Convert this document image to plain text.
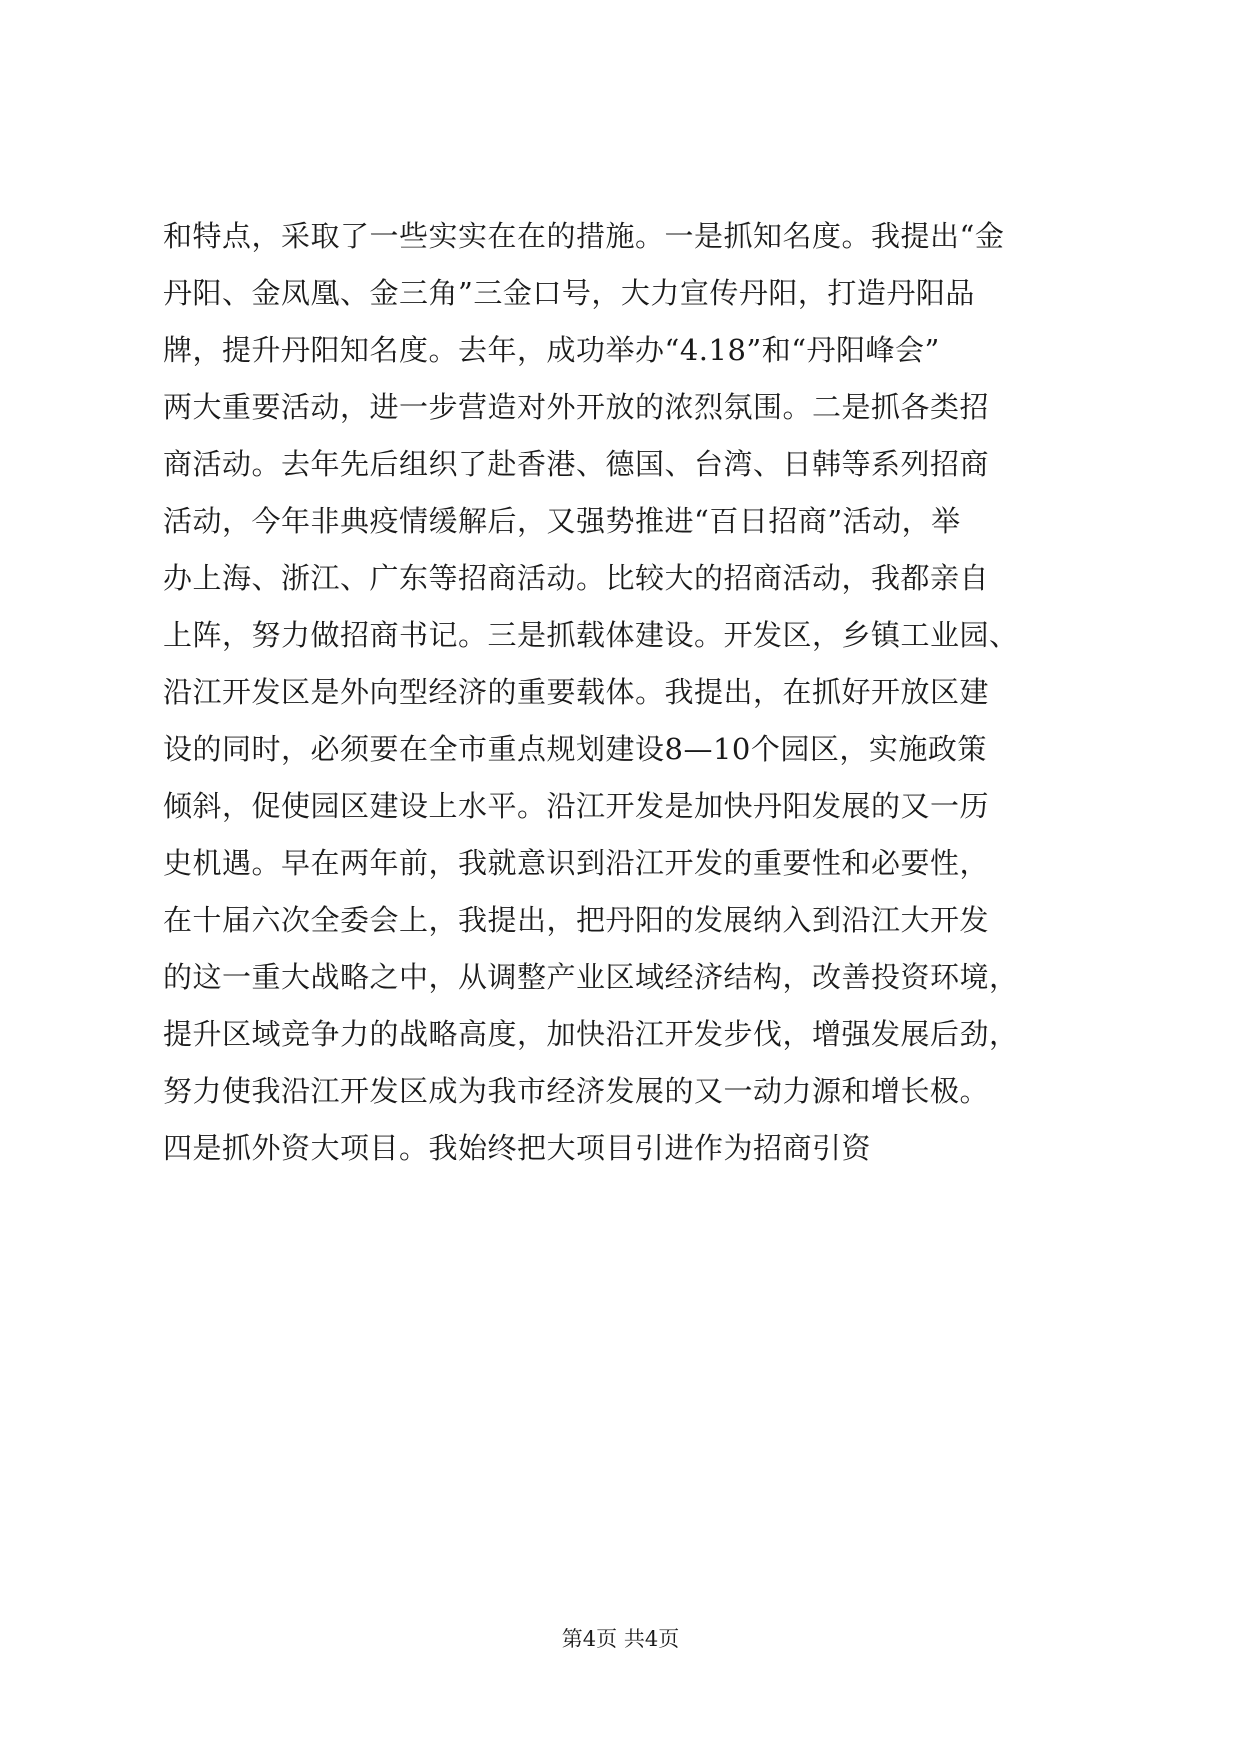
和特点，采取了一些实实在在的措施。一是抓知名度。我提出“金
丹阳、金凤凰、金三角”三金口号，大力宣传丹阳，打造丹阳品
牌，提升丹阳知名度。去年，成功举办“4.18”和“丹阳峰会”
两大重要活动，进一步营造对外开放的浓烈氛围。二是抓各类招
商活动。去年先后组织了赴香港、德国、台湾、日韩等系列招商
活动，今年非典疫情缓解后，又强势推进“百日招商”活动，举
办上海、浙江、广东等招商活动。比较大的招商活动，我都亲自
上阵，努力做招商书记。三是抓载体建设。开发区，乡镇工业园、
沿江开发区是外向型经济的重要载体。我提出，在抓好开放区建
设的同时，必须要在全市重点规划建设8—10个园区，实施政策
倾斜，促使园区建设上水平。沿江开发是加快丹阳发展的又一历
史机遇。早在两年前，我就意识到沿江开发的重要性和必要性，
在十届六次全委会上，我提出，把丹阳的发展纳入到沿江大开发
的这一重大战略之中，从调整产业区域经济结构，改善投资环境，
提升区域竞争力的战略高度，加快沿江开发步伐，增强发展后劲，
努力使我沿江开发区成为我市经济发展的又一动力源和增长极。
四是抓外资大项目。我始终把大项目引进作为招商引资
第4页 共4页
